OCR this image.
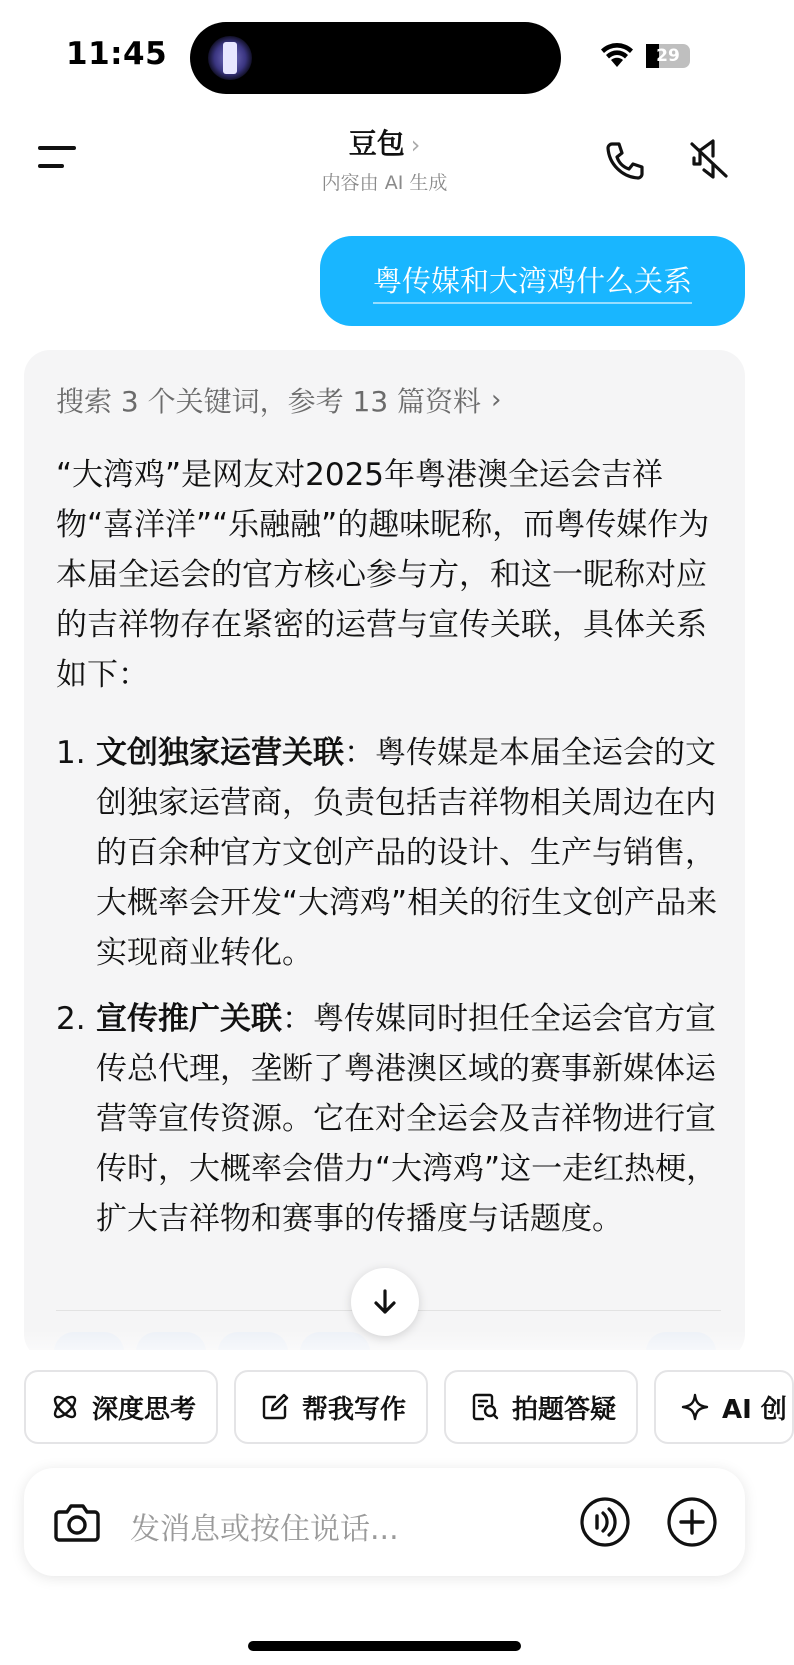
11:45	29
豆包 ›
内容由 AI 生成
粤传媒和大湾鸡什么关系
搜索 3 个关键词，参考 13 篇资料 ›

“大湾鸡”是网友对2025年粤港澳全运会吉祥物“喜洋洋”“乐融融”的趣味昵称，而粤传媒作为本届全运会的官方核心参与方，和这一昵称对应的吉祥物存在紧密的运营与宣传关联，具体关系如下：

1. 文创独家运营关联：粤传媒是本届全运会的文创独家运营商，负责包括吉祥物相关周边在内的百余种官方文创产品的设计、生产与销售，大概率会开发“大湾鸡”相关的衍生文创产品来实现商业转化。
2. 宣传推广关联：粤传媒同时担任全运会官方宣传总代理，垄断了粤港澳区域的赛事新媒体运营等宣传资源。它在对全运会及吉祥物进行宣传时，大概率会借力“大湾鸡”这一走红热梗，扩大吉祥物和赛事的传播度与话题度。
深度思考	帮我写作	拍题答疑	AI 创
发消息或按住说话...
